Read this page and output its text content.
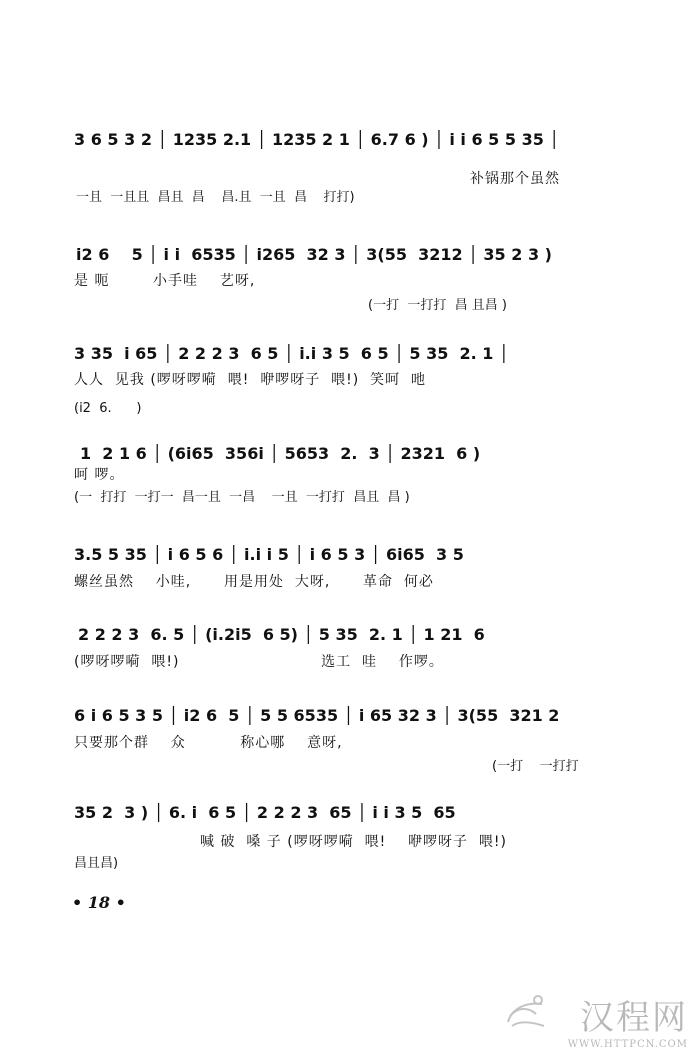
3 6 5 3 2 │ 1235 2.1 │ 1235 2 1 │ 6.7 6 ) │ i i 6 5 5 35 │
补锅那个虽然
一且  一且且  昌且  昌    昌.且  一且  昌    打打)
i2 6    5 │ i i  6535 │ i265  32 3 │ 3(55  3212 │ 35 2 3 )
是 呃        小手哇    艺呀,
(一打  一打打  昌 且昌 )
3 35  i 65 │ 2 2 2 3  6 5 │ i.i 3 5  6 5 │ 5 35  2. 1 │
人人  见我 (啰呀啰嗬  喂!  咿啰呀子  喂!)  笑呵  吔
(i2  6.      )
1  2 1 6 │ (6i65  356i │ 5653  2.  3 │ 2321  6 )
呵 啰。
(一  打打  一打一  昌一且  一昌    一且  一打打  昌且  昌 )
3.5 5 35 │ i 6 5 6 │ i.i i 5 │ i 6 5 3 │ 6i65  3 5
螺丝虽然    小哇,      用是用处  大呀,      革命  何必
2 2 2 3  6. 5 │ (i.2i5  6 5) │ 5 35  2. 1 │ 1 21  6
(啰呀啰嗬  喂!)                          选工  哇    作啰。
6 i 6 5 3 5 │ i2 6  5 │ 5 5 6535 │ i 65 32 3 │ 3(55  321 2
只要那个群    众          称心哪    意呀,
(一打    一打打
35 2  3 ) │ 6. i  6 5 │ 2 2 2 3  65 │ i i 3 5  65
喊 破  嗓 子 (啰呀啰嗬  喂!    咿啰呀子  喂!)
昌且昌)
• 18 •
汉程网
WWW.HTTPCN.COM
